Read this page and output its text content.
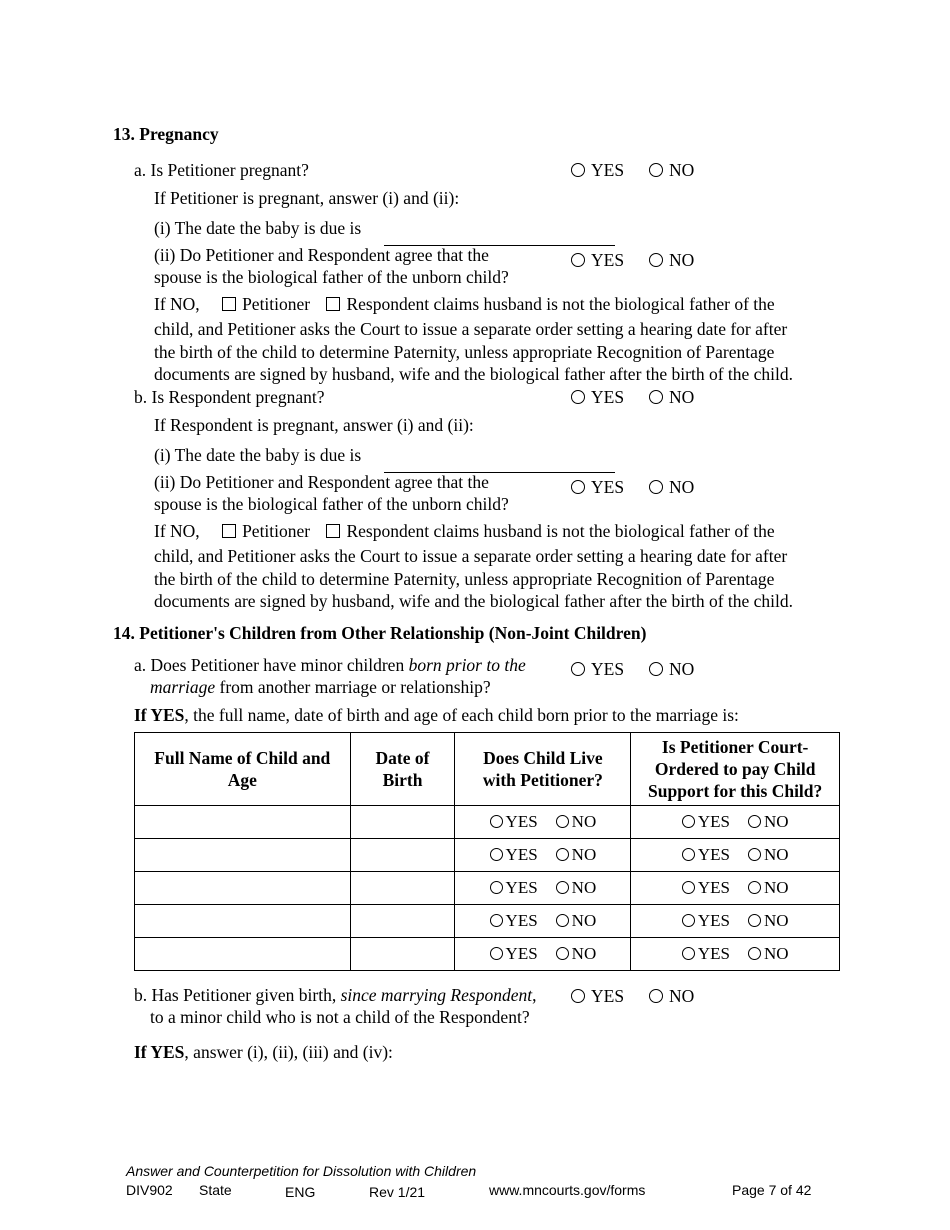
13. Pregnancy
a. Is Petitioner pregnant?	YES	NO
If Petitioner is pregnant, answer (i) and (ii):
(i) The date the baby is due is
(ii) Do Petitioner and Respondent agree that the
spouse is the biological father of the unborn child?
YES	NO
If NO, Petitioner Respondent claims husband is not the biological father of the
child, and Petitioner asks the Court to issue a separate order setting a hearing date for after
the birth of the child to determine Paternity, unless appropriate Recognition of Parentage
documents are signed by husband, wife and the biological father after the birth of the child.
b. Is Respondent pregnant?	YES	NO
If Respondent is pregnant, answer (i) and (ii):
(i) The date the baby is due is
(ii) Do Petitioner and Respondent agree that the
spouse is the biological father of the unborn child?
YES	NO
If NO, Petitioner Respondent claims husband is not the biological father of the
child, and Petitioner asks the Court to issue a separate order setting a hearing date for after
the birth of the child to determine Paternity, unless appropriate Recognition of Parentage
documents are signed by husband, wife and the biological father after the birth of the child.
14. Petitioner's Children from Other Relationship (Non-Joint Children)
a. Does Petitioner have minor children born prior to the
marriage from another marriage or relationship?
YES	NO
If YES, the full name, date of birth and age of each child born prior to the marriage is:
Full Name of Child and Age	Date of Birth	Does Child Live with Petitioner?	Is Petitioner Court-Ordered to pay Child Support for this Child?
		YES NO	YES NO
		YES NO	YES NO
		YES NO	YES NO
		YES NO	YES NO
		YES NO	YES NO
b. Has Petitioner given birth, since marrying Respondent,
to a minor child who is not a child of the Respondent?
YES	NO
If YES, answer (i), (ii), (iii) and (iv):
Answer and Counterpetition for Dissolution with Children
DIV902 State	ENG	Rev 1/21	www.mncourts.gov/forms	Page 7 of 42
